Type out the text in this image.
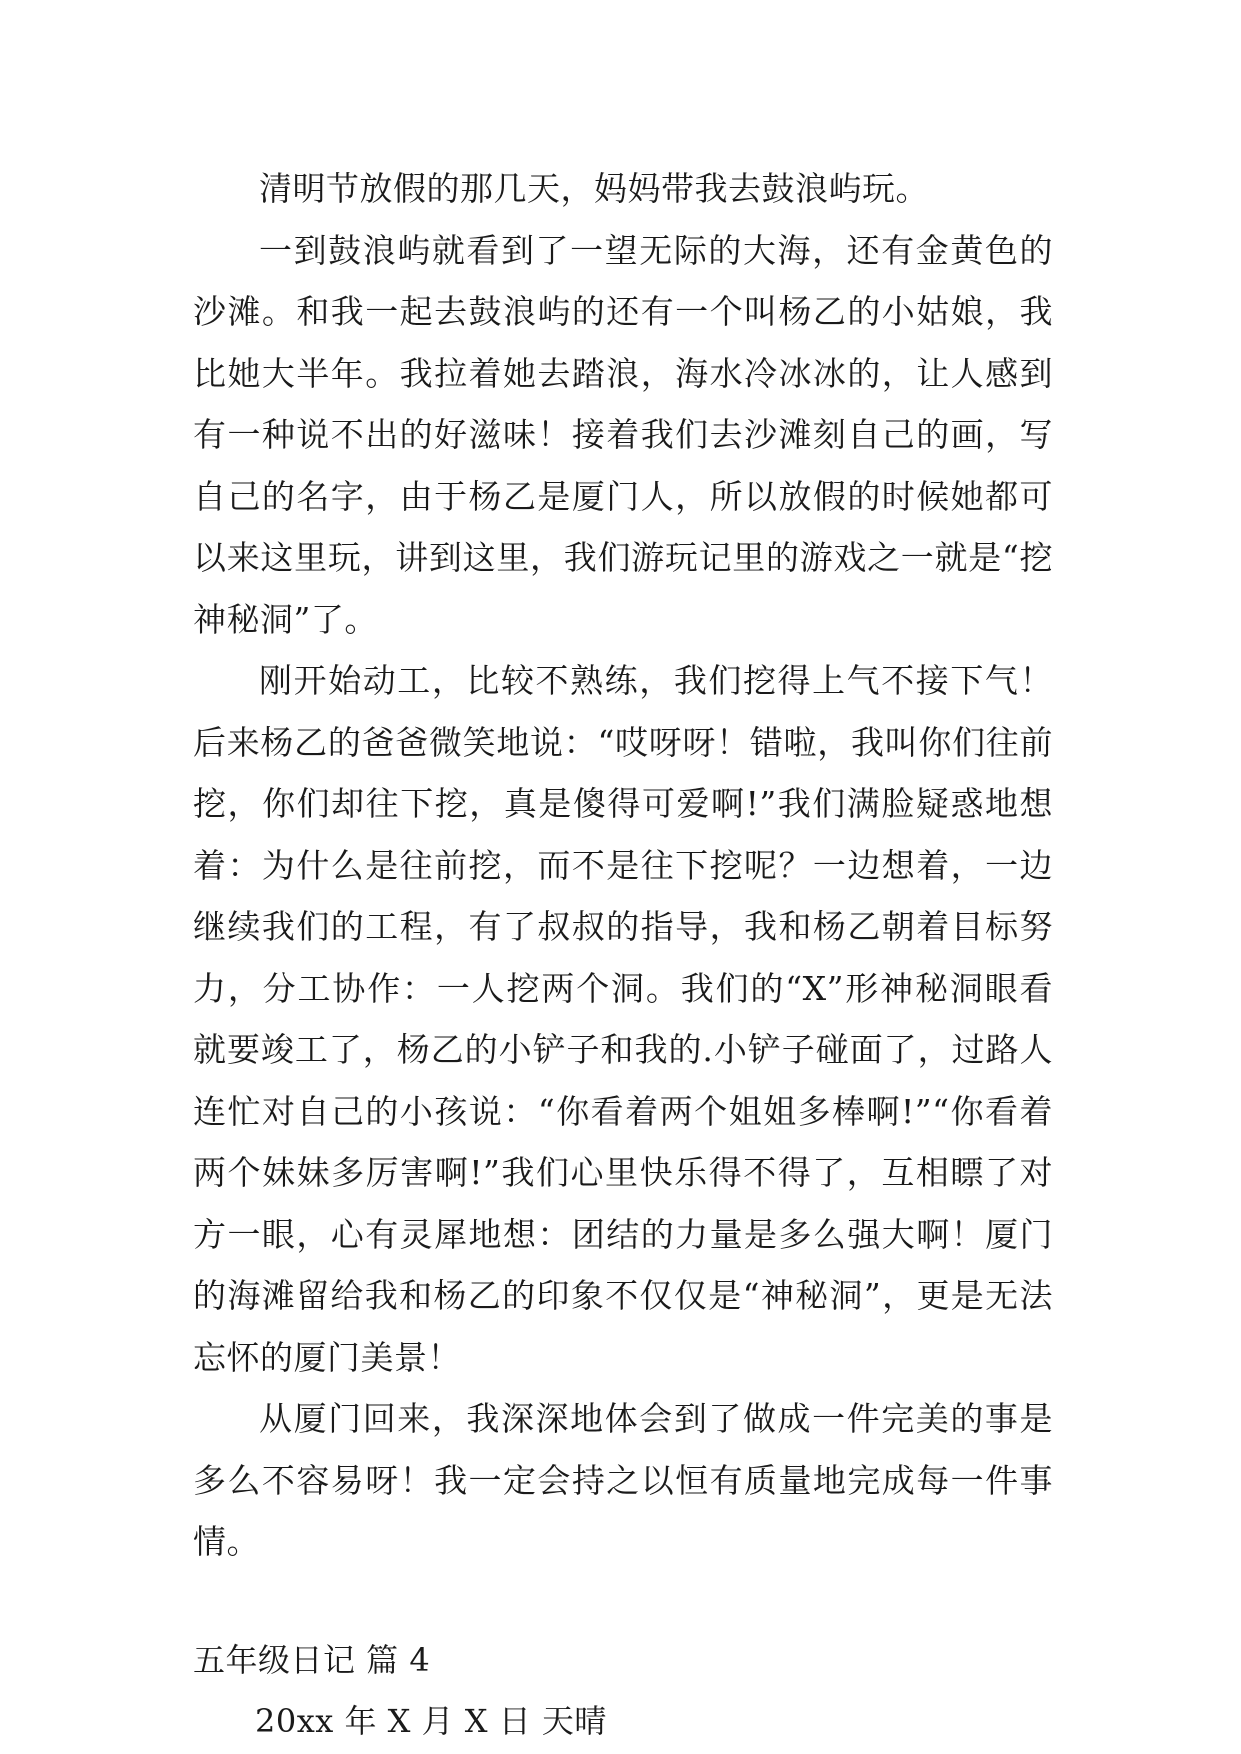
清明节放假的那几天，妈妈带我去鼓浪屿玩。

一到鼓浪屿就看到了一望无际的大海，还有金黄色的沙滩。和我一起去鼓浪屿的还有一个叫杨乙的小姑娘，我比她大半年。我拉着她去踏浪，海水冷冰冰的，让人感到有一种说不出的好滋味！接着我们去沙滩刻自己的画，写自己的名字，由于杨乙是厦门人，所以放假的时候她都可以来这里玩，讲到这里，我们游玩记里的游戏之一就是“挖神秘洞”了。

刚开始动工，比较不熟练，我们挖得上气不接下气！后来杨乙的爸爸微笑地说：“哎呀呀！错啦，我叫你们往前挖，你们却往下挖，真是傻得可爱啊!”我们满脸疑惑地想着：为什么是往前挖，而不是往下挖呢？一边想着，一边继续我们的工程，有了叔叔的指导，我和杨乙朝着目标努力，分工协作：一人挖两个洞。我们的“X”形神秘洞眼看就要竣工了，杨乙的小铲子和我的.小铲子碰面了，过路人连忙对自己的小孩说：“你看着两个姐姐多棒啊!”“你看着两个妹妹多厉害啊!”我们心里快乐得不得了，互相瞟了对方一眼，心有灵犀地想：团结的力量是多么强大啊！厦门的海滩留给我和杨乙的印象不仅仅是“神秘洞”，更是无法忘怀的厦门美景！

从厦门回来，我深深地体会到了做成一件完美的事是多么不容易呀！我一定会持之以恒有质量地完成每一件事情。

五年级日记 篇 4

20xx 年 X 月 X 日 天晴
